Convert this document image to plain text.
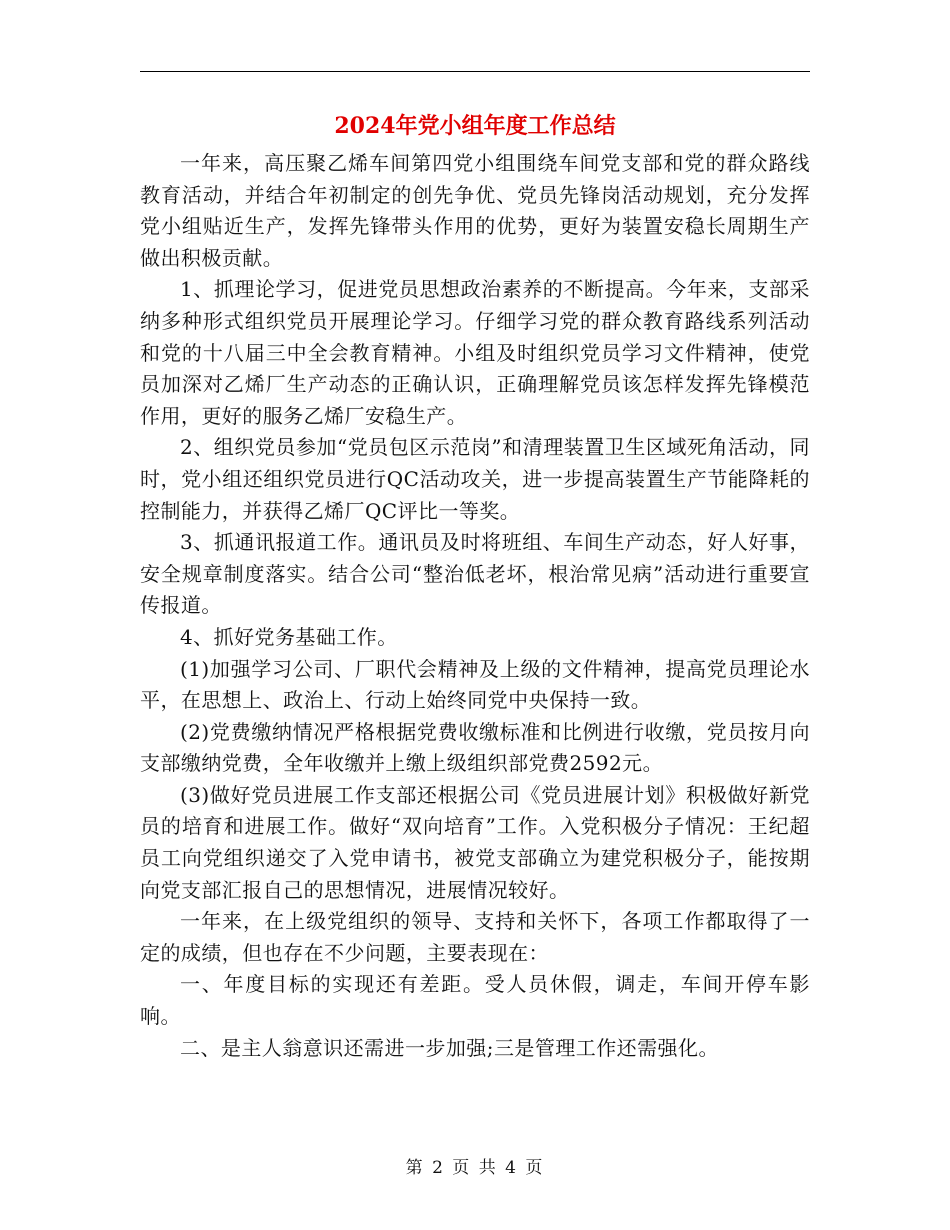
2024年党小组年度工作总结

一年来，高压聚乙烯车间第四党小组围绕车间党支部和党的群众路线教育活动，并结合年初制定的创先争优、党员先锋岗活动规划，充分发挥党小组贴近生产，发挥先锋带头作用的优势，更好为装置安稳长周期生产做出积极贡献。

1、抓理论学习，促进党员思想政治素养的不断提高。今年来，支部采纳多种形式组织党员开展理论学习。仔细学习党的群众教育路线系列活动和党的十八届三中全会教育精神。小组及时组织党员学习文件精神，使党员加深对乙烯厂生产动态的正确认识，正确理解党员该怎样发挥先锋模范作用，更好的服务乙烯厂安稳生产。

2、组织党员参加“党员包区示范岗”和清理装置卫生区域死角活动，同时，党小组还组织党员进行QC活动攻关，进一步提高装置生产节能降耗的控制能力，并获得乙烯厂QC评比一等奖。

3、抓通讯报道工作。通讯员及时将班组、车间生产动态，好人好事，安全规章制度落实。结合公司“整治低老坏，根治常见病”活动进行重要宣传报道。

4、抓好党务基础工作。

(1)加强学习公司、厂职代会精神及上级的文件精神，提高党员理论水平，在思想上、政治上、行动上始终同党中央保持一致。

(2)党费缴纳情况严格根据党费收缴标准和比例进行收缴，党员按月向支部缴纳党费，全年收缴并上缴上级组织部党费2592元。

(3)做好党员进展工作支部还根据公司《党员进展计划》积极做好新党员的培育和进展工作。做好“双向培育”工作。入党积极分子情况：王纪超员工向党组织递交了入党申请书，被党支部确立为建党积极分子，能按期向党支部汇报自己的思想情况，进展情况较好。

一年来，在上级党组织的领导、支持和关怀下，各项工作都取得了一定的成绩，但也存在不少问题，主要表现在：

一、年度目标的实现还有差距。受人员休假，调走，车间开停车影响。

二、是主人翁意识还需进一步加强;三是管理工作还需强化。

第 2 页 共 4 页
